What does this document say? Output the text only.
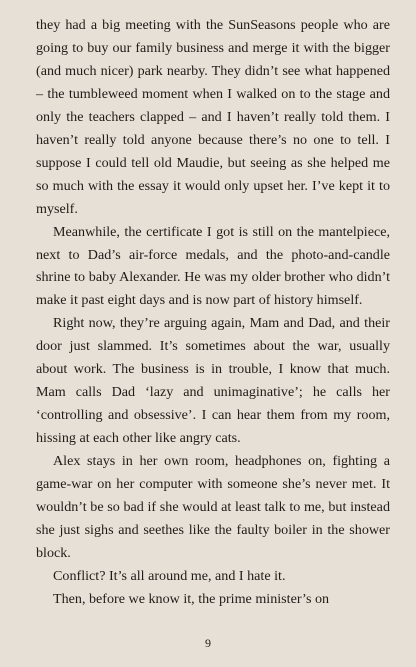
they had a big meeting with the SunSeasons people who are going to buy our family business and merge it with the bigger (and much nicer) park nearby. They didn’t see what happened – the tumbleweed moment when I walked on to the stage and only the teachers clapped – and I haven’t really told them. I haven’t really told anyone because there’s no one to tell. I suppose I could tell old Maudie, but seeing as she helped me so much with the essay it would only upset her. I’ve kept it to myself.

Meanwhile, the certificate I got is still on the mantelpiece, next to Dad’s air-force medals, and the photo-and-candle shrine to baby Alexander. He was my older brother who didn’t make it past eight days and is now part of history himself.

Right now, they’re arguing again, Mam and Dad, and their door just slammed. It’s sometimes about the war, usually about work. The business is in trouble, I know that much. Mam calls Dad ‘lazy and unimaginative’; he calls her ‘controlling and obsessive’. I can hear them from my room, hissing at each other like angry cats.

Alex stays in her own room, headphones on, fighting a game-war on her computer with someone she’s never met. It wouldn’t be so bad if she would at least talk to me, but instead she just sighs and seethes like the faulty boiler in the shower block.

Conflict? It’s all around me, and I hate it.

Then, before we know it, the prime minister’s on

9
